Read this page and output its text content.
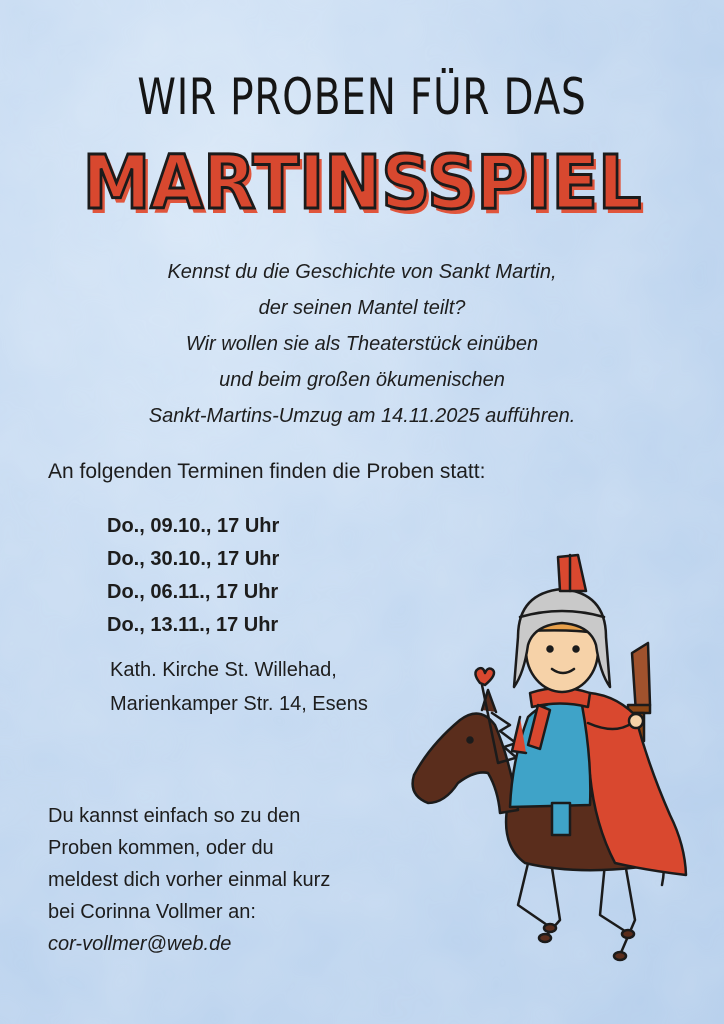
WIR PROBEN FÜR DAS
MARTINSSPIEL
Kennst du die Geschichte von Sankt Martin,
der seinen Mantel teilt?
Wir wollen sie als Theaterstück einüben
und beim großen ökumenischen
Sankt-Martins-Umzug am 14.11.2025 aufführen.
An folgenden Terminen finden die Proben statt:
Do., 09.10., 17 Uhr
Do., 30.10., 17 Uhr
Do., 06.11., 17 Uhr
Do., 13.11., 17 Uhr
Kath. Kirche St. Willehad,
Marienkamper Str. 14, Esens
Du kannst einfach so zu den
Proben kommen, oder du
meldest dich vorher einmal kurz
bei Corinna Vollmer an:
cor-vollmer@web.de
